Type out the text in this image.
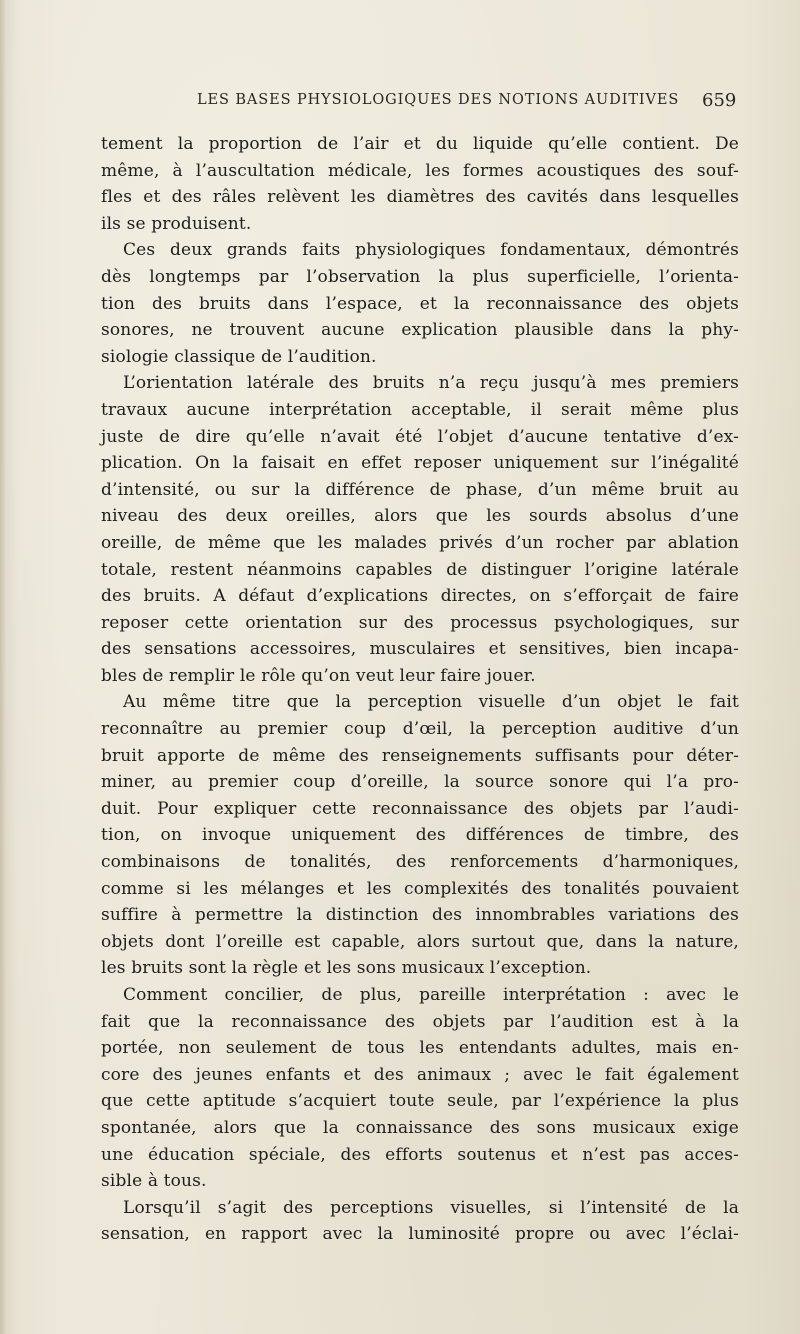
LES BASES PHYSIOLOGIQUES DES NOTIONS AUDITIVES 659
tement la proportion de l’air et du liquide qu’elle contient. De
même, à l’auscultation médicale, les formes acoustiques des souf-
fles et des râles relèvent les diamètres des cavités dans lesquelles
ils se produisent.
Ces deux grands faits physiologiques fondamentaux, démontrés
dès longtemps par l’observation la plus superficielle, l’orienta-
tion des bruits dans l’espace, et la reconnaissance des objets
sonores, ne trouvent aucune explication plausible dans la phy-
siologie classique de l’audition.
L’orientation latérale des bruits n’a reçu jusqu’à mes premiers
travaux aucune interprétation acceptable, il serait même plus
juste de dire qu’elle n’avait été l’objet d’aucune tentative d’ex-
plication. On la faisait en effet reposer uniquement sur l’inégalité
d’intensité, ou sur la différence de phase, d’un même bruit au
niveau des deux oreilles, alors que les sourds absolus d’une
oreille, de même que les malades privés d’un rocher par ablation
totale, restent néanmoins capables de distinguer l’origine latérale
des bruits. A défaut d’explications directes, on s’efforçait de faire
reposer cette orientation sur des processus psychologiques, sur
des sensations accessoires, musculaires et sensitives, bien incapa-
bles de remplir le rôle qu’on veut leur faire jouer.
Au même titre que la perception visuelle d’un objet le fait
reconnaître au premier coup d’œil, la perception auditive d’un
bruit apporte de même des renseignements suffisants pour déter-
miner, au premier coup d’oreille, la source sonore qui l’a pro-
duit. Pour expliquer cette reconnaissance des objets par l’audi-
tion, on invoque uniquement des différences de timbre, des
combinaisons de tonalités, des renforcements d’harmoniques,
comme si les mélanges et les complexités des tonalités pouvaient
suffire à permettre la distinction des innombrables variations des
objets dont l’oreille est capable, alors surtout que, dans la nature,
les bruits sont la règle et les sons musicaux l’exception.
Comment concilier, de plus, pareille interprétation : avec le
fait que la reconnaissance des objets par l’audition est à la
portée, non seulement de tous les entendants adultes, mais en-
core des jeunes enfants et des animaux ; avec le fait également
que cette aptitude s’acquiert toute seule, par l’expérience la plus
spontanée, alors que la connaissance des sons musicaux exige
une éducation spéciale, des efforts soutenus et n’est pas acces-
sible à tous.
Lorsqu’il s’agit des perceptions visuelles, si l’intensité de la
sensation, en rapport avec la luminosité propre ou avec l’éclai-
